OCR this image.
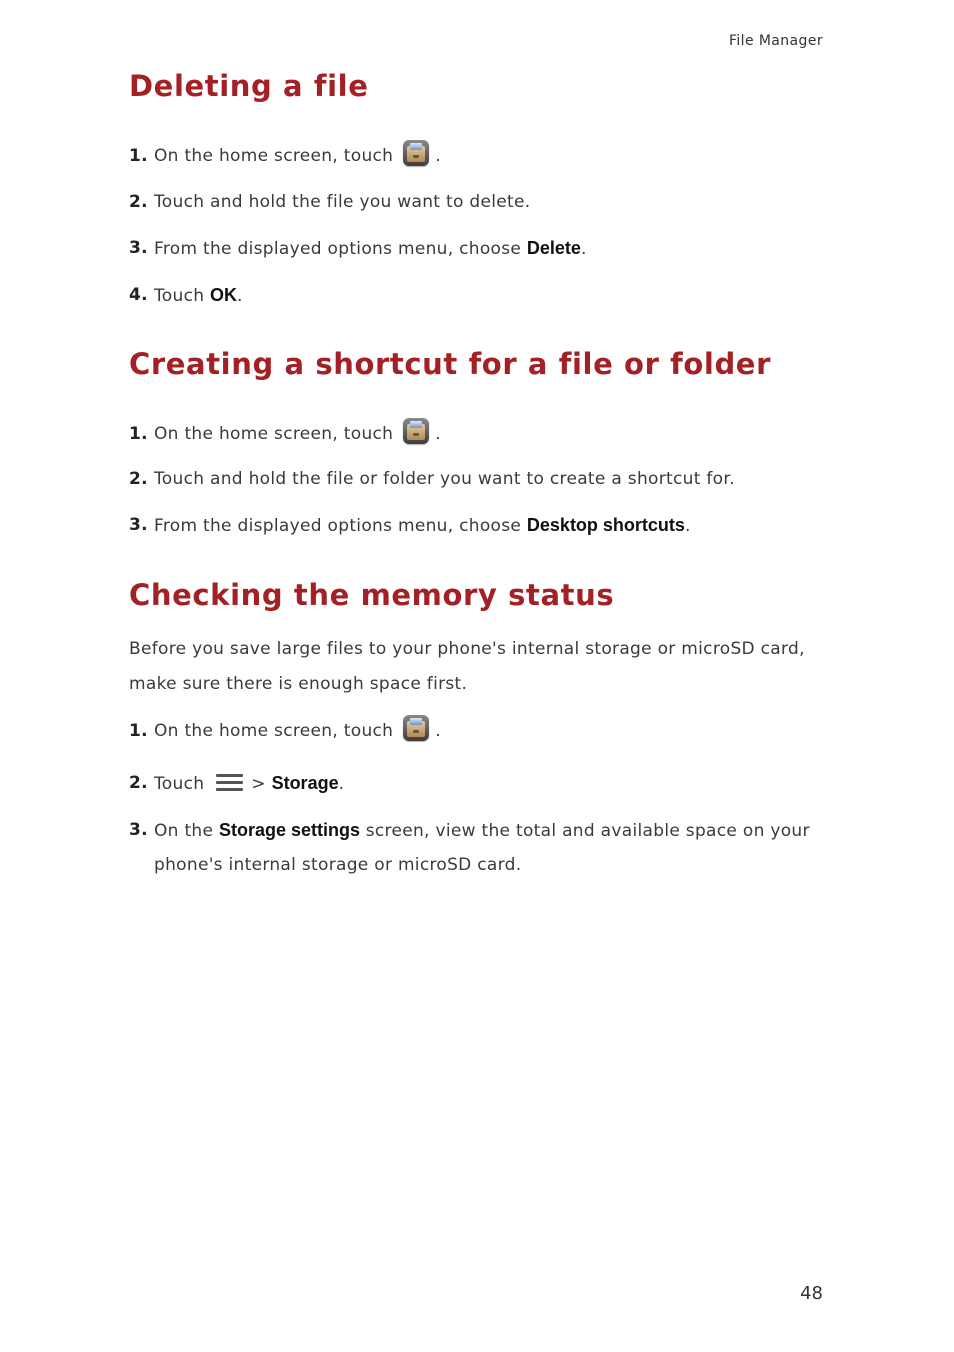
File Manager
Deleting a file
1. On the home screen, touch .
2. Touch and hold the file you want to delete.
3. From the displayed options menu, choose Delete.
4. Touch OK.
Creating a shortcut for a file or folder
1. On the home screen, touch .
2. Touch and hold the file or folder you want to create a shortcut for.
3. From the displayed options menu, choose Desktop shortcuts.
Checking the memory status

Before you save large files to your phone's internal storage or microSD card, make sure there is enough space first.

1. On the home screen, touch .
2. Touch	> Storage.
3. On the Storage settings screen, view the total and available space on your phone's internal storage or microSD card.
48
